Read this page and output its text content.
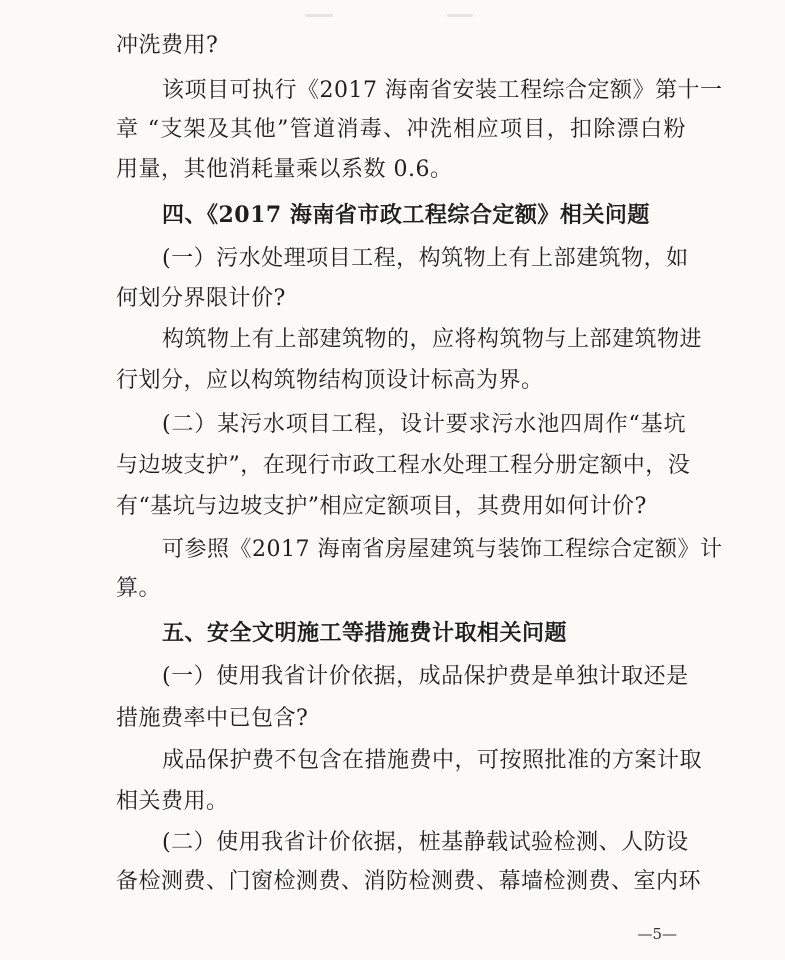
冲洗费用?
该项目可执行《2017 海南省安装工程综合定额》第十一
章 “支架及其他”管道消毒、冲洗相应项目，扣除漂白粉
用量，其他消耗量乘以系数 0.6。
四、《2017 海南省市政工程综合定额》相关问题
(一）污水处理项目工程，构筑物上有上部建筑物，如
何划分界限计价?
构筑物上有上部建筑物的，应将构筑物与上部建筑物进
行划分，应以构筑物结构顶设计标高为界。
(二）某污水项目工程，设计要求污水池四周作“基坑
与边坡支护”，在现行市政工程水处理工程分册定额中，没
有“基坑与边坡支护”相应定额项目，其费用如何计价?
可参照《2017 海南省房屋建筑与装饰工程综合定额》计
算。
五、安全文明施工等措施费计取相关问题
(一）使用我省计价依据，成品保护费是单独计取还是
措施费率中已包含?
成品保护费不包含在措施费中，可按照批准的方案计取
相关费用。
(二）使用我省计价依据，桩基静载试验检测、人防设
备检测费、门窗检测费、消防检测费、幕墙检测费、室内环
—5—
